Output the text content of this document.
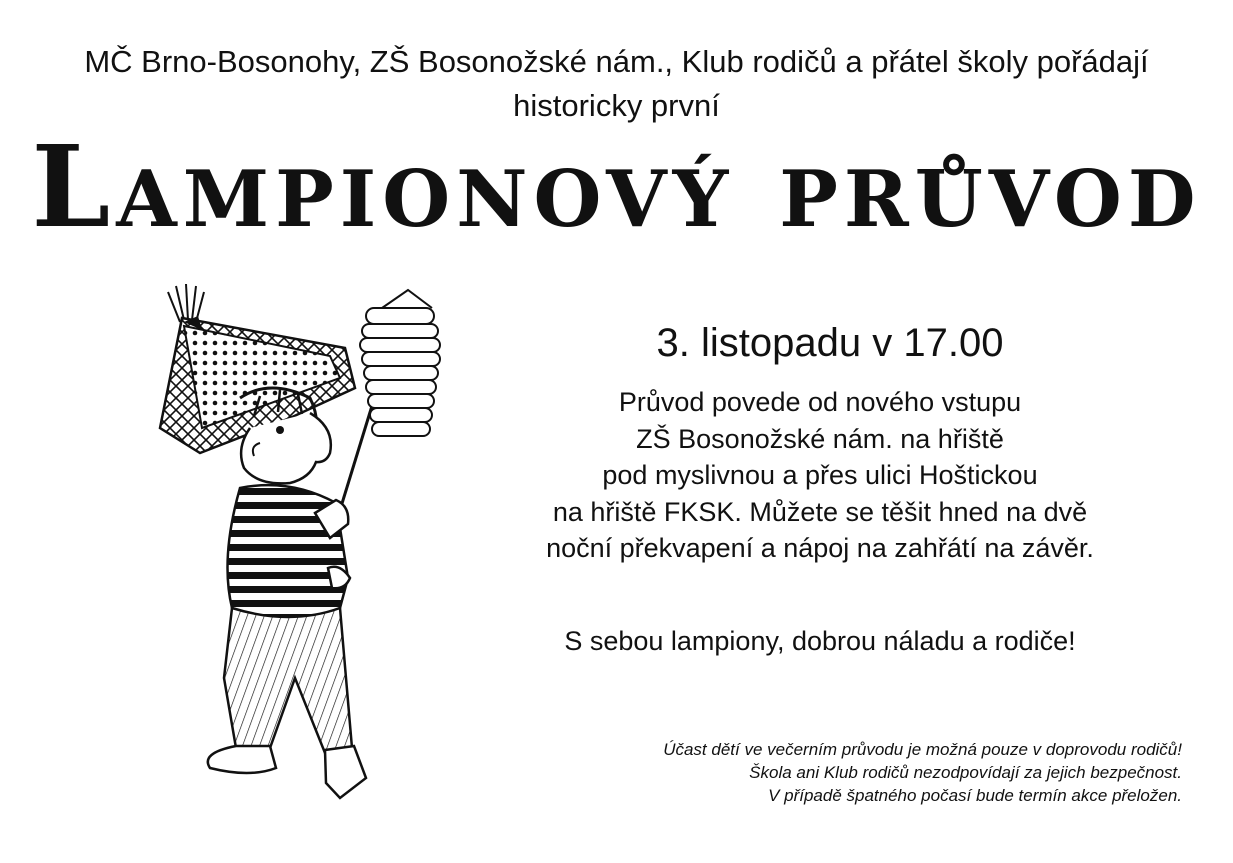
MČ Brno-Bosonohy, ZŠ Bosonožské nám., Klub rodičů a přátel školy pořádají
historicky první
Lampionový průvod
3. listopadu v 17.00
Průvod povede od nového vstupu
ZŠ Bosonožské nám. na hřiště
pod myslivnou a přes ulici Hoštickou
na hřiště FKSK. Můžete se těšit hned na dvě
noční překvapení a nápoj na zahřátí na závěr.
S sebou lampiony, dobrou náladu a rodiče!
Účast dětí ve večerním průvodu je možná pouze v doprovodu rodičů!
Škola ani Klub rodičů nezodpovídají za jejich bezpečnost.
V případě špatného počasí bude termín akce přeložen.
